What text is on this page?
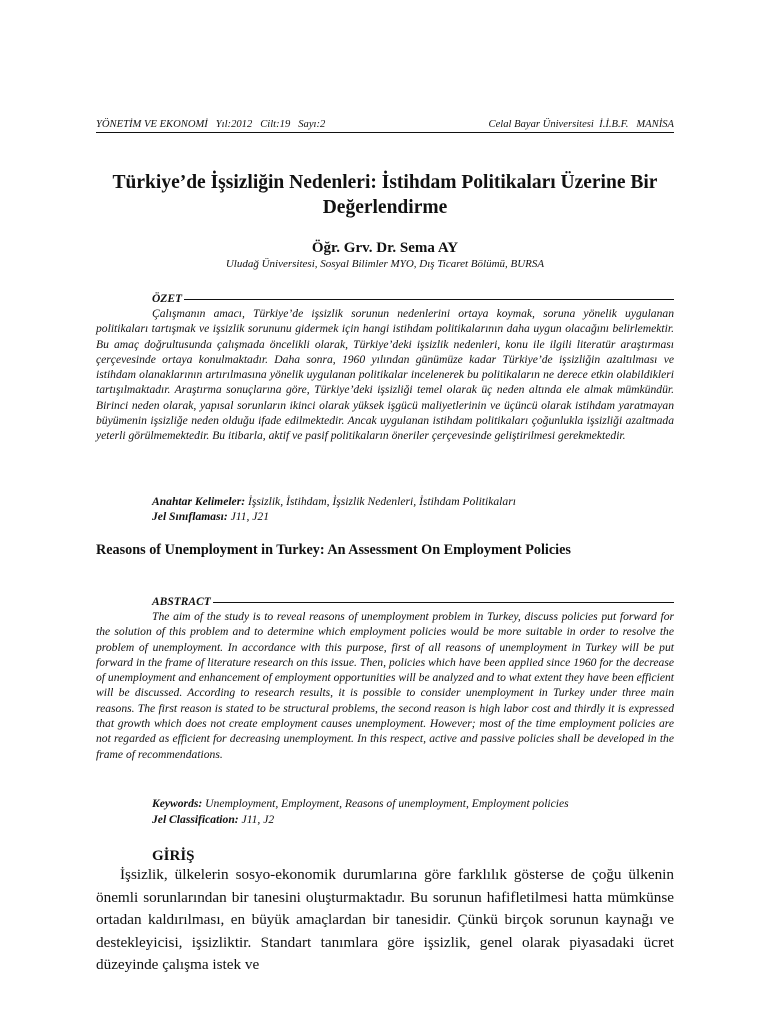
YÖNETİM VE EKONOMİ Yıl:2012 Cilt:19 Sayı:2	Celal Bayar Üniversitesi  İ.İ.B.F.   MANİSA
Türkiye’de İşsizliğin Nedenleri: İstihdam Politikaları Üzerine Bir Değerlendirme
Öğr. Grv. Dr. Sema AY
Uludağ Üniversitesi, Sosyal Bilimler MYO, Dış Ticaret Bölümü, BURSA
ÖZET

Çalışmanın amacı, Türkiye’de işsizlik sorunun nedenlerini ortaya koymak, soruna yönelik uygulanan politikaları tartışmak ve işsizlik sorununu gidermek için hangi istihdam politikalarının daha uygun olacağını belirlemektir. Bu amaç doğrultusunda çalışmada öncelikli olarak, Türkiye’deki işsizlik nedenleri, konu ile ilgili literatür araştırması çerçevesinde ortaya konulmaktadır. Daha sonra, 1960 yılından günümüze kadar Türkiye’de işsizliğin azaltılması ve istihdam olanaklarının artırılmasına yönelik uygulanan politikalar incelenerek bu politikaların ne derece etkin olabildikleri tartışılmaktadır. Araştırma sonuçlarına göre, Türkiye’deki işsizliği temel olarak üç neden altında ele almak mümkündür. Birinci neden olarak, yapısal sorunların ikinci olarak yüksek işgücü maliyetlerinin ve üçüncü olarak istihdam yaratmayan büyümenin işsizliğe neden olduğu ifade edilmektedir. Ancak uygulanan istihdam politikaları çoğunlukla işsizliği azaltmada yeterli görülmemektedir. Bu itibarla, aktif ve pasif politikaların öneriler çerçevesinde geliştirilmesi gerekmektedir.

Anahtar Kelimeler: İşsizlik, İstihdam, İşsizlik Nedenleri, İstihdam Politikaları
Jel Sınıflaması: J11, J21

Reasons of Unemployment in Turkey: An Assessment On Employment Policies

ABSTRACT

The aim of the study is to reveal reasons of unemployment problem in Turkey, discuss policies put forward for the solution of this problem and to determine which employment policies would be more suitable in order to resolve the problem of unemployment. In accordance with this purpose, first of all reasons of unemployment in Turkey will be put forward in the frame of literature research on this issue. Then, policies which have been applied since 1960 for the decrease of unemployment and enhancement of employment opportunities will be analyzed and to what extent they have been efficient will be discussed. According to research results, it is possible to consider unemployment in Turkey under three main reasons. The first reason is stated to be structural problems, the second reason is high labor cost and thirdly it is expressed that growth which does not create employment causes unemployment. However; most of the time employment policies are not regarded as efficient for decreasing unemployment. In this respect, active and passive policies shall be developed in the frame of recommendations.

Keywords: Unemployment, Employment, Reasons of unemployment, Employment policies
Jel Classification: J11, J2
GİRİŞ

İşsizlik, ülkelerin sosyo-ekonomik durumlarına göre farklılık gösterse de çoğu ülkenin önemli sorunlarından bir tanesini oluşturmaktadır. Bu sorunun hafifletilmesi hatta mümkünse ortadan kaldırılması, en büyük amaçlardan bir tanesidir. Çünkü birçok sorunun kaynağı ve destekleyicisi, işsizliktir. Standart tanımlara göre işsizlik, genel olarak piyasadaki ücret düzeyinde çalışma istek ve
